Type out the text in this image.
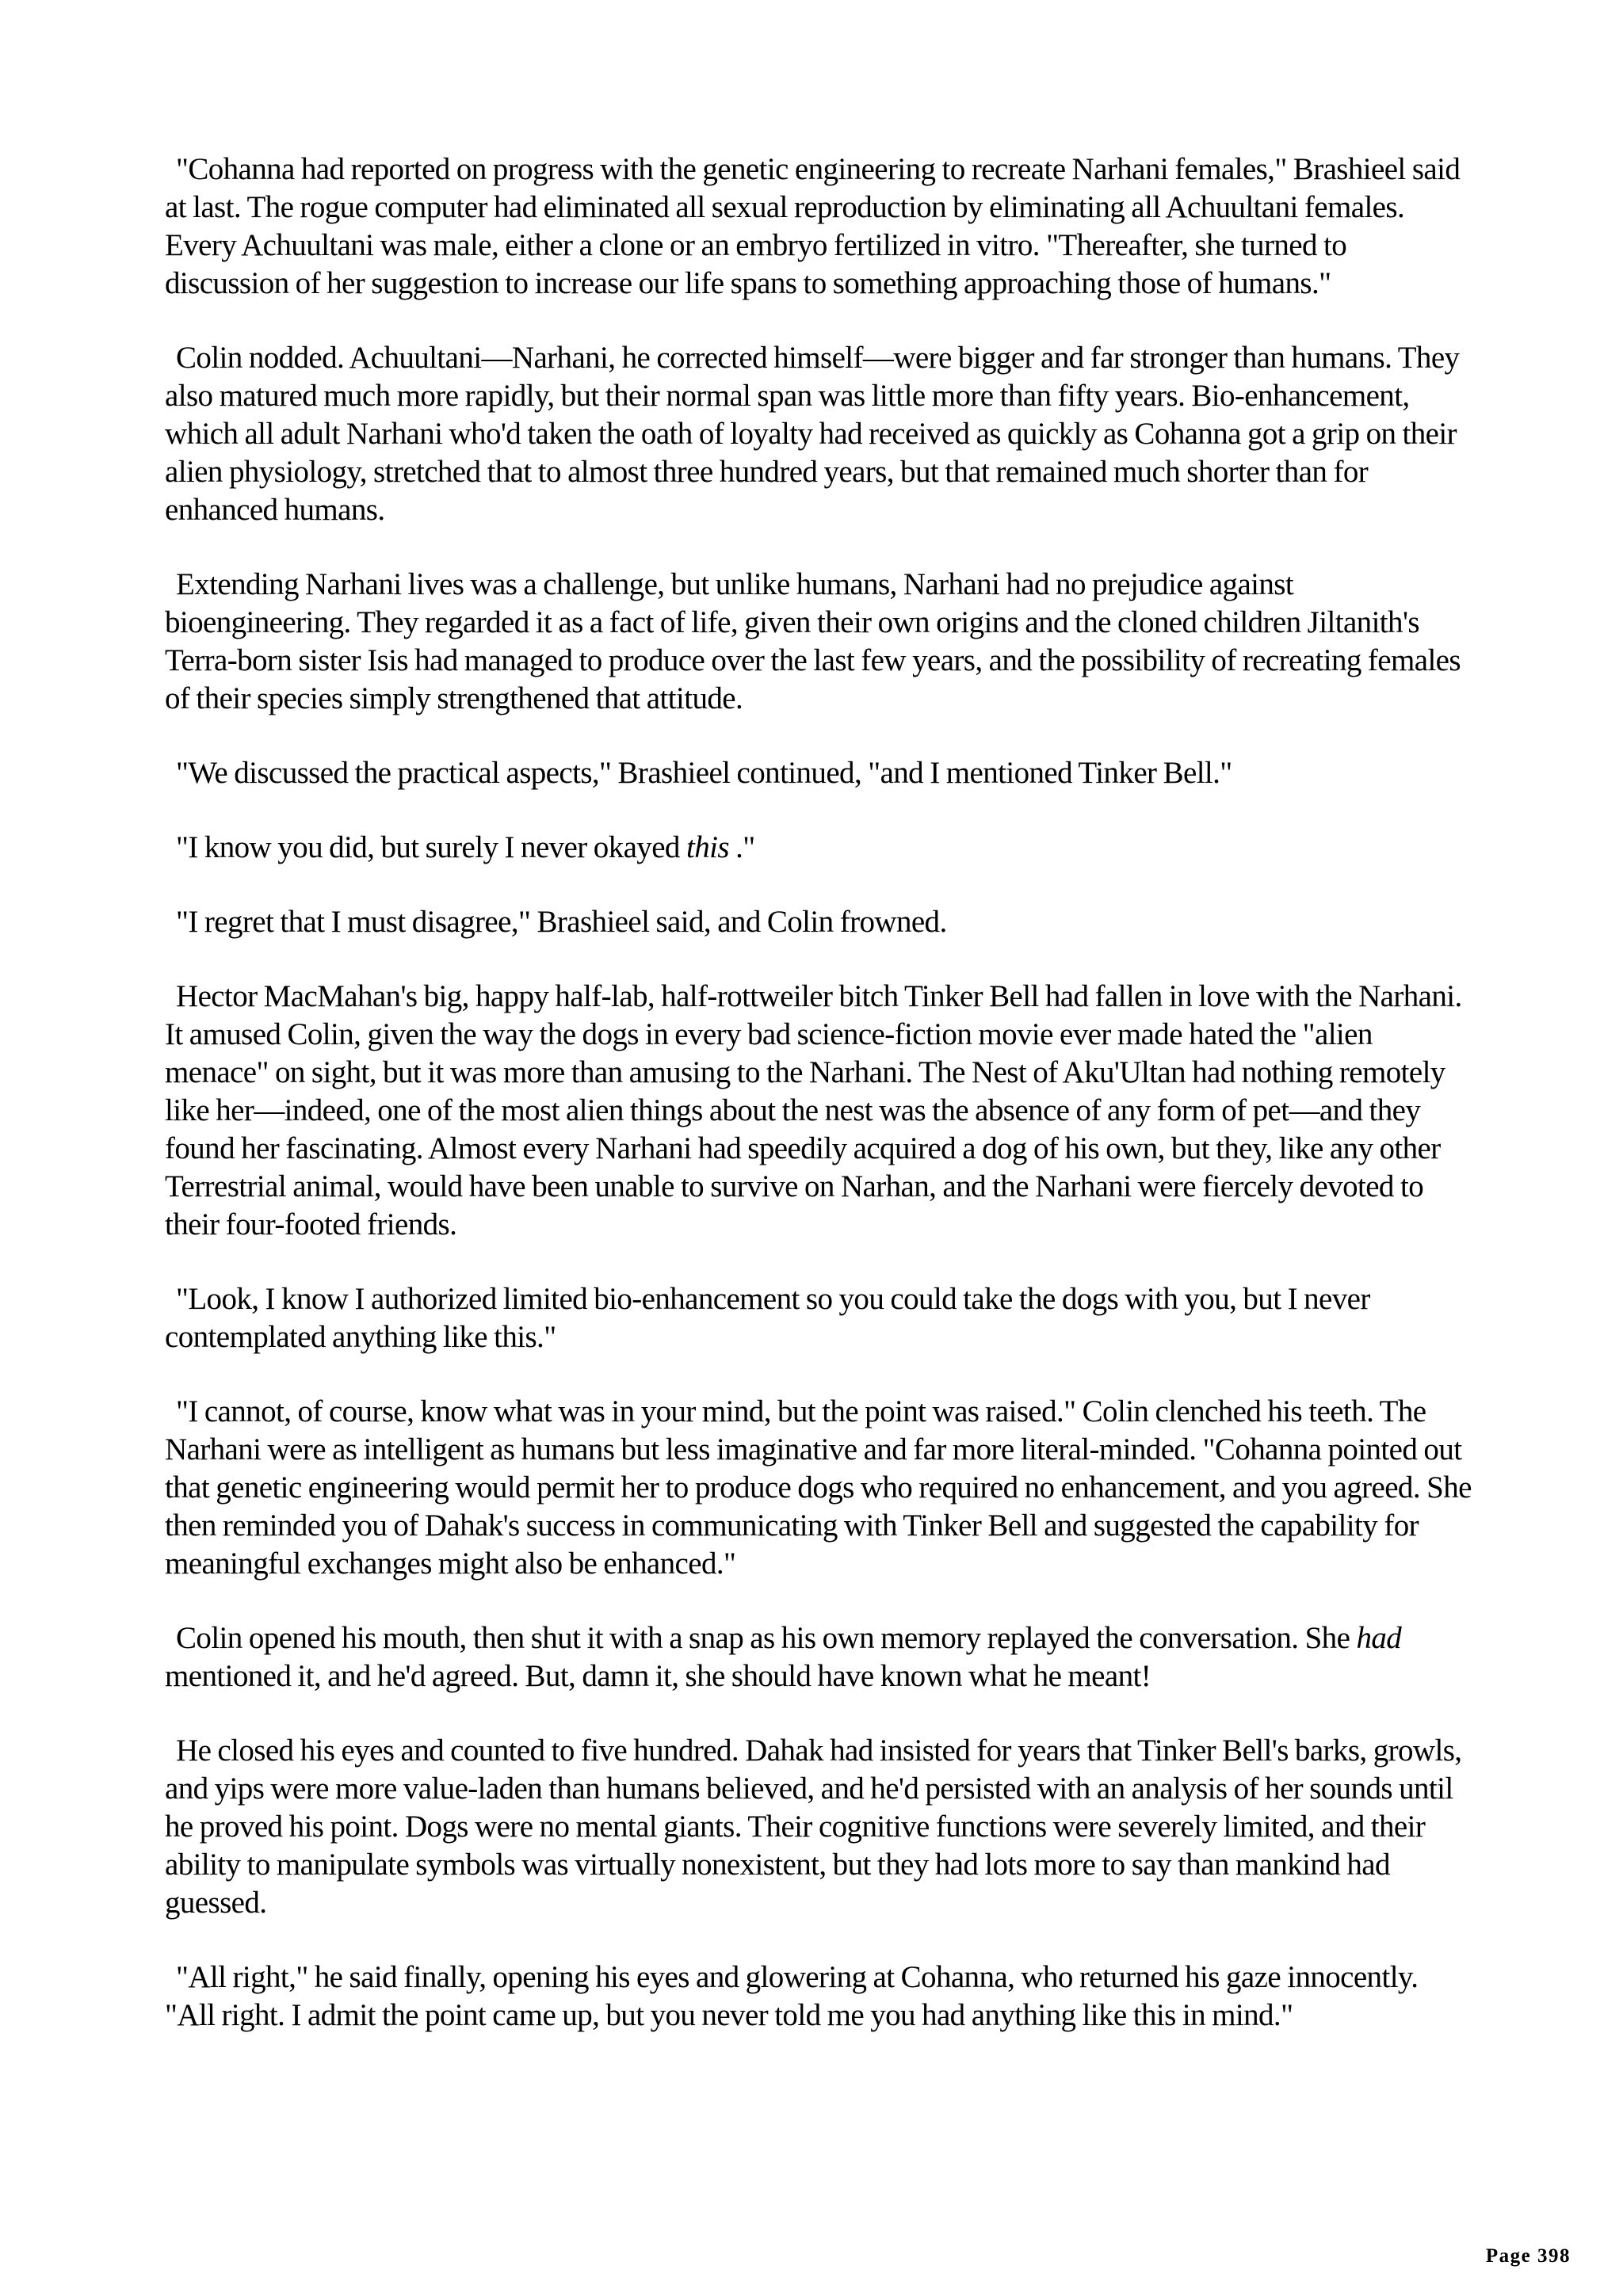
"Cohanna had reported on progress with the genetic engineering to recreate Narhani females," Brashieel said at last. The rogue computer had eliminated all sexual reproduction by eliminating all Achuultani females. Every Achuultani was male, either a clone or an embryo fertilized in vitro. "Thereafter, she turned to discussion of her suggestion to increase our life spans to something approaching those of humans."

Colin nodded. Achuultani—Narhani, he corrected himself—were bigger and far stronger than humans. They also matured much more rapidly, but their normal span was little more than fifty years. Bio-enhancement, which all adult Narhani who'd taken the oath of loyalty had received as quickly as Cohanna got a grip on their alien physiology, stretched that to almost three hundred years, but that remained much shorter than for enhanced humans.

Extending Narhani lives was a challenge, but unlike humans, Narhani had no prejudice against bioengineering. They regarded it as a fact of life, given their own origins and the cloned children Jiltanith's Terra-born sister Isis had managed to produce over the last few years, and the possibility of recreating females of their species simply strengthened that attitude.

"We discussed the practical aspects," Brashieel continued, "and I mentioned Tinker Bell."

"I know you did, but surely I never okayed this ."

"I regret that I must disagree," Brashieel said, and Colin frowned.

Hector MacMahan's big, happy half-lab, half-rottweiler bitch Tinker Bell had fallen in love with the Narhani. It amused Colin, given the way the dogs in every bad science-fiction movie ever made hated the "alien menace" on sight, but it was more than amusing to the Narhani. The Nest of Aku'Ultan had nothing remotely like her—indeed, one of the most alien things about the nest was the absence of any form of pet—and they found her fascinating. Almost every Narhani had speedily acquired a dog of his own, but they, like any other Terrestrial animal, would have been unable to survive on Narhan, and the Narhani were fiercely devoted to their four-footed friends.

"Look, I know I authorized limited bio-enhancement so you could take the dogs with you, but I never contemplated anything like this."

"I cannot, of course, know what was in your mind, but the point was raised." Colin clenched his teeth. The Narhani were as intelligent as humans but less imaginative and far more literal-minded. "Cohanna pointed out that genetic engineering would permit her to produce dogs who required no enhancement, and you agreed. She then reminded you of Dahak's success in communicating with Tinker Bell and suggested the capability for meaningful exchanges might also be enhanced."

Colin opened his mouth, then shut it with a snap as his own memory replayed the conversation. She had mentioned it, and he'd agreed. But, damn it, she should have known what he meant!

He closed his eyes and counted to five hundred. Dahak had insisted for years that Tinker Bell's barks, growls, and yips were more value-laden than humans believed, and he'd persisted with an analysis of her sounds until he proved his point. Dogs were no mental giants. Their cognitive functions were severely limited, and their ability to manipulate symbols was virtually nonexistent, but they had lots more to say than mankind had guessed.

"All right," he said finally, opening his eyes and glowering at Cohanna, who returned his gaze innocently. "All right. I admit the point came up, but you never told me you had anything like this in mind."

Page 398
